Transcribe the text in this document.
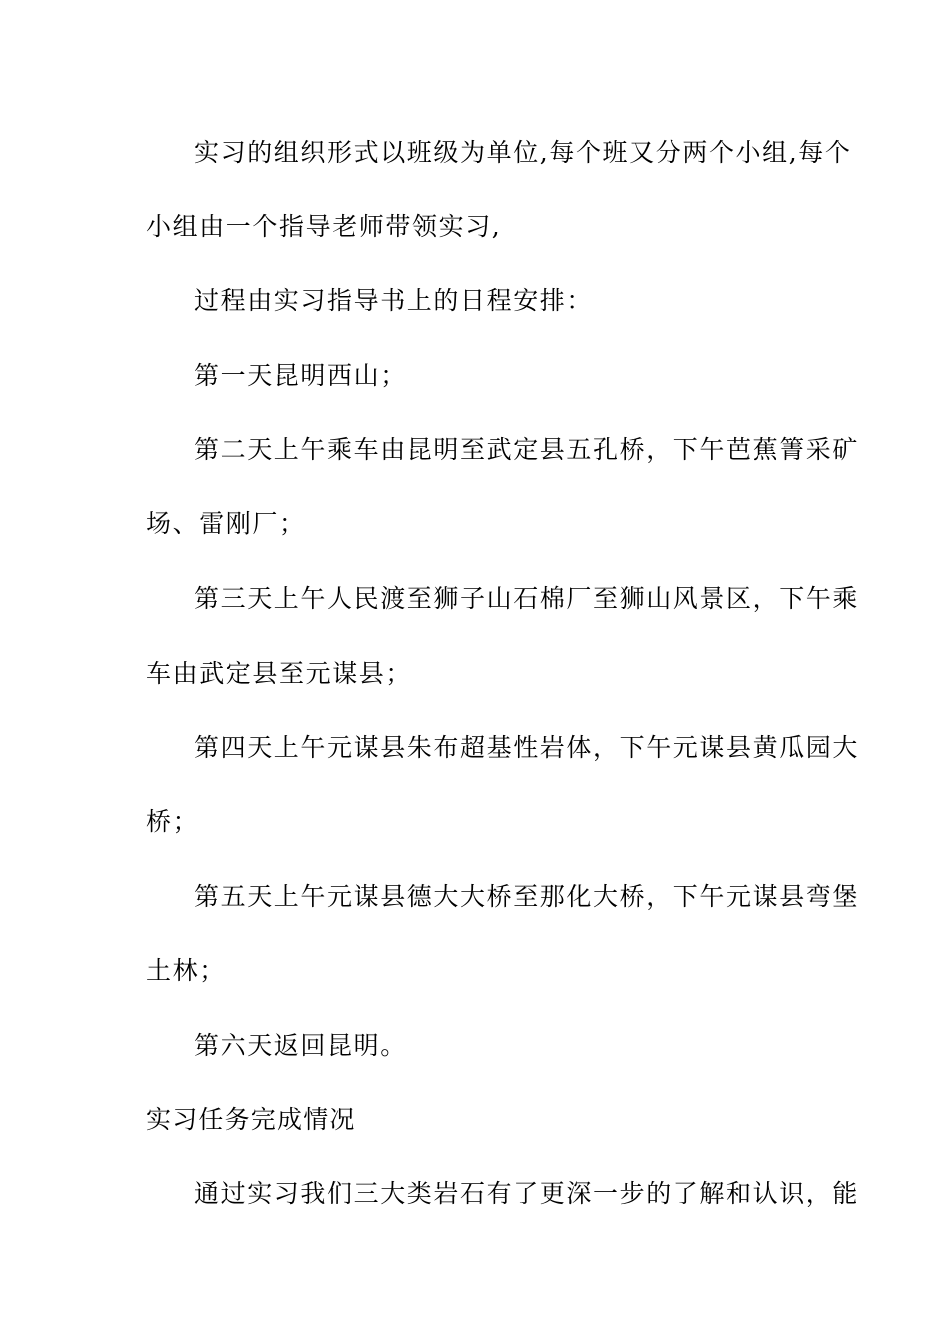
实习的组织形式以班级为单位,每个班又分两个小组,每个

小组由一个指导老师带领实习,

过程由实习指导书上的日程安排：

第一天昆明西山；

第二天上午乘车由昆明至武定县五孔桥，下午芭蕉箐采矿

场、雷刚厂；

第三天上午人民渡至狮子山石棉厂至狮山风景区，下午乘

车由武定县至元谋县；

第四天上午元谋县朱布超基性岩体，下午元谋县黄瓜园大

桥；

第五天上午元谋县德大大桥至那化大桥，下午元谋县弯堡

土林；

第六天返回昆明。

实习任务完成情况

通过实习我们三大类岩石有了更深一步的了解和认识，能
